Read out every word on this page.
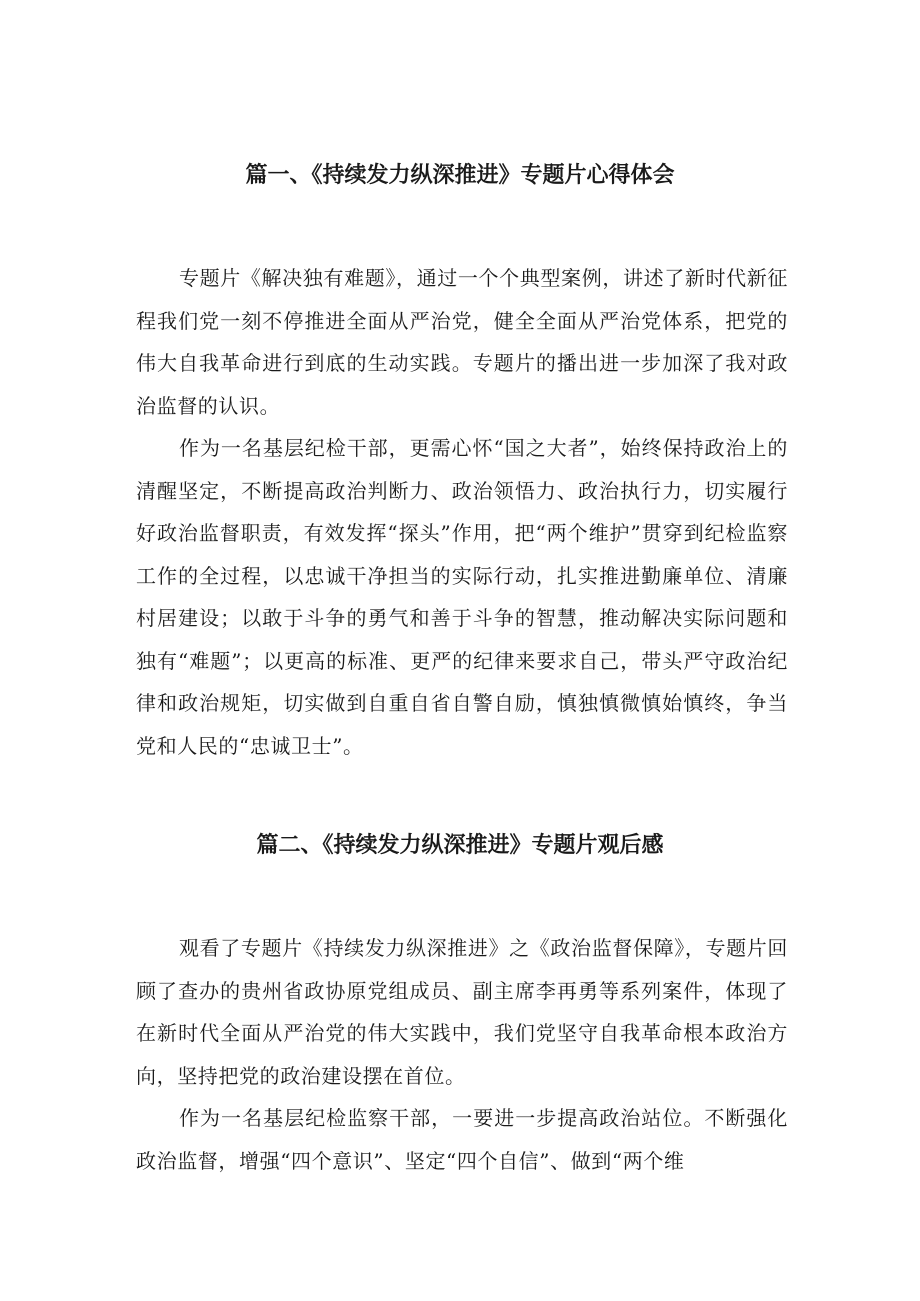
篇一、《持续发力纵深推进》专题片心得体会

专题片《解决独有难题》，通过一个个典型案例，讲述了新时代新征程我们党一刻不停推进全面从严治党，健全全面从严治党体系，把党的伟大自我革命进行到底的生动实践。专题片的播出进一步加深了我对政治监督的认识。

作为一名基层纪检干部，更需心怀“国之大者”，始终保持政治上的清醒坚定，不断提高政治判断力、政治领悟力、政治执行力，切实履行好政治监督职责，有效发挥“探头”作用，把“两个维护”贯穿到纪检监察工作的全过程，以忠诚干净担当的实际行动，扎实推进勤廉单位、清廉村居建设；以敢于斗争的勇气和善于斗争的智慧，推动解决实际问题和独有“难题”；以更高的标准、更严的纪律来要求自己，带头严守政治纪律和政治规矩，切实做到自重自省自警自励，慎独慎微慎始慎终，争当党和人民的“忠诚卫士”。

篇二、《持续发力纵深推进》专题片观后感

观看了专题片《持续发力纵深推进》之《政治监督保障》，专题片回顾了查办的贵州省政协原党组成员、副主席李再勇等系列案件，体现了在新时代全面从严治党的伟大实践中，我们党坚守自我革命根本政治方向，坚持把党的政治建设摆在首位。

作为一名基层纪检监察干部，一要进一步提高政治站位。不断强化政治监督，增强“四个意识”、坚定“四个自信”、做到“两个维
